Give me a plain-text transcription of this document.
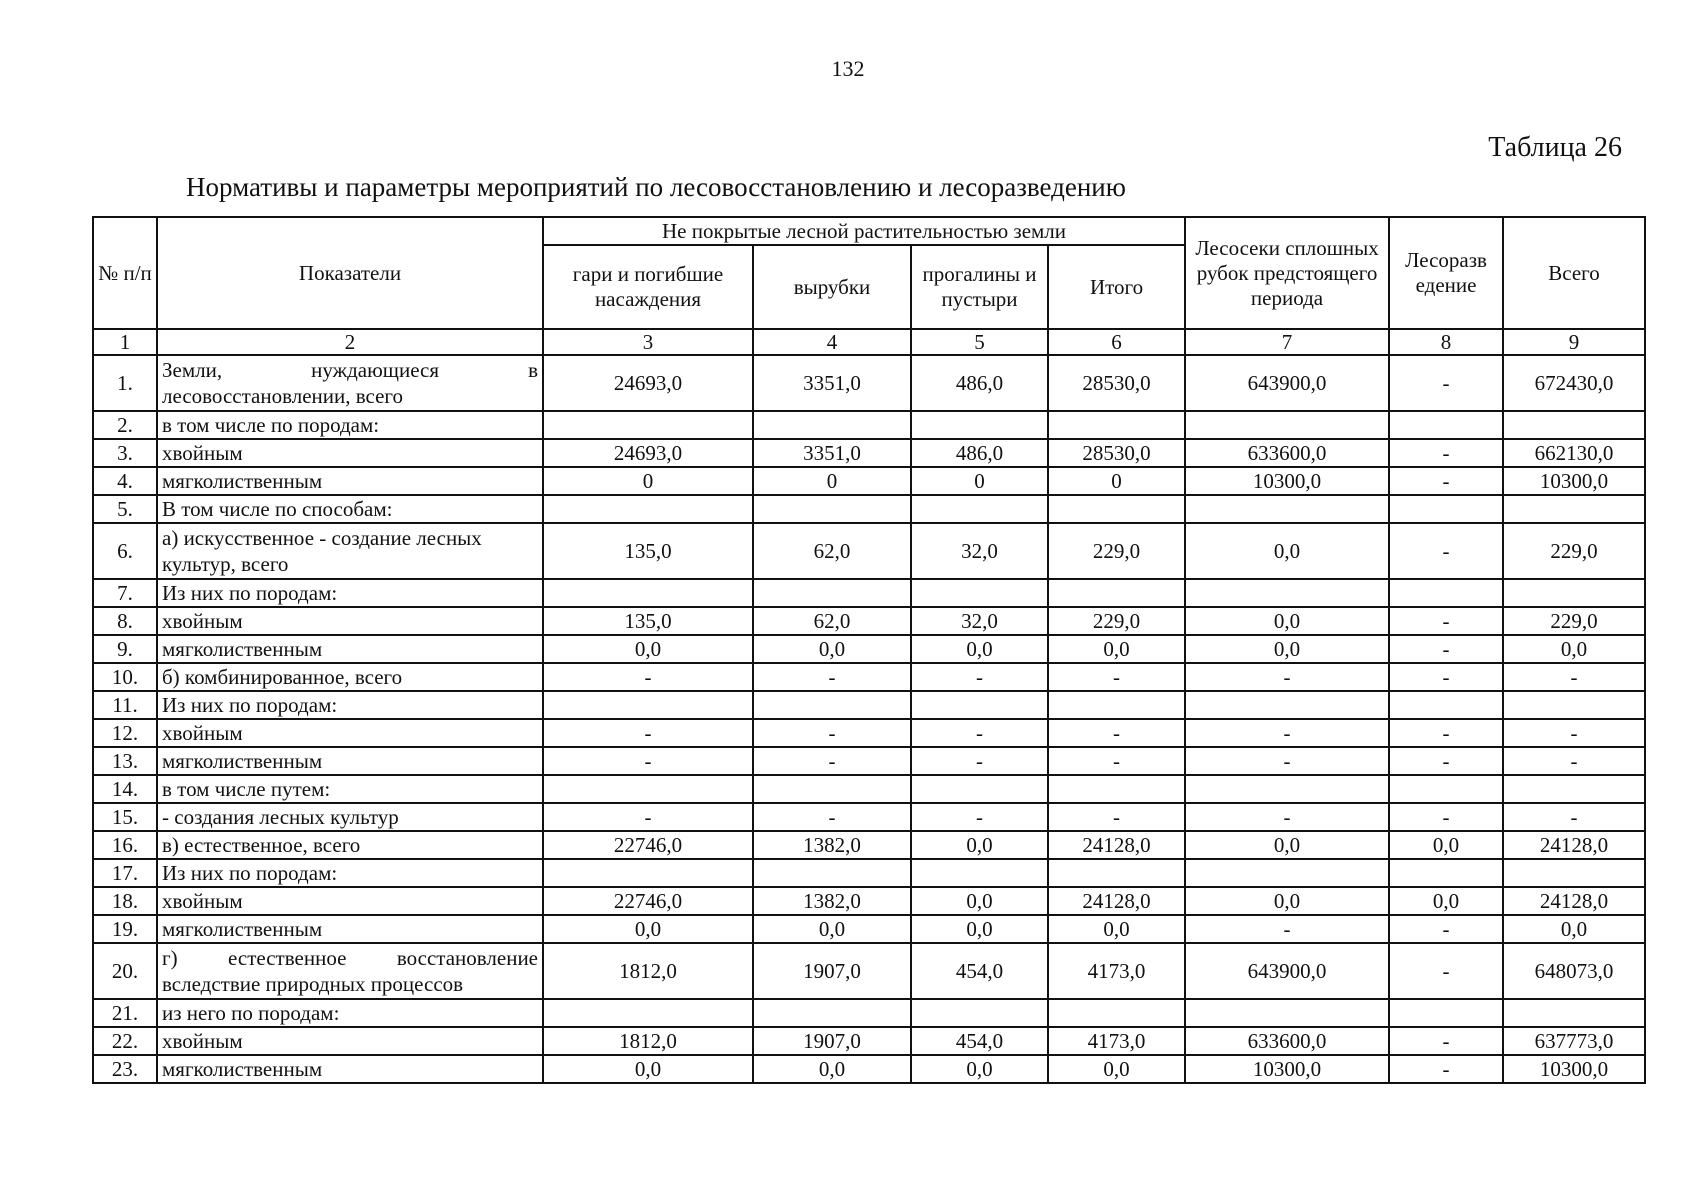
132
Таблица 26
Нормативы и параметры мероприятий по лесовосстановлению и лесоразведению
№ п/п	Показатели	Не покрытые лесной растительностью земли				Лесосеки сплошных рубок предстоящего периода	Лесоразв едение	Всего
		гари и погибшие насаждения	вырубки	прогалины и пустыри	Итого			
1	2	3	4	5	6	7	8	9
1.	Земли, нуждающиеся в лесовосстановлении, всего	24693,0	3351,0	486,0	28530,0	643900,0	-	672430,0
2.	в том числе по породам:							
3.	хвойным	24693,0	3351,0	486,0	28530,0	633600,0	-	662130,0
4.	мягколиственным	0	0	0	0	10300,0	-	10300,0
5.	В том числе по способам:							
6.	а) искусственное - создание лесных культур, всего	135,0	62,0	32,0	229,0	0,0	-	229,0
7.	Из них по породам:							
8.	хвойным	135,0	62,0	32,0	229,0	0,0	-	229,0
9.	мягколиственным	0,0	0,0	0,0	0,0	0,0	-	0,0
10.	б) комбинированное, всего	-	-	-	-	-	-	-
11.	Из них по породам:							
12.	хвойным	-	-	-	-	-	-	-
13.	мягколиственным	-	-	-	-	-	-	-
14.	в том числе путем:							
15.	- создания лесных культур	-	-	-	-	-	-	-
16.	в) естественное, всего	22746,0	1382,0	0,0	24128,0	0,0	0,0	24128,0
17.	Из них по породам:							
18.	хвойным	22746,0	1382,0	0,0	24128,0	0,0	0,0	24128,0
19.	мягколиственным	0,0	0,0	0,0	0,0	-	-	0,0
20.	г) естественное восстановление вследствие природных процессов	1812,0	1907,0	454,0	4173,0	643900,0	-	648073,0
21.	из него по породам:							
22.	хвойным	1812,0	1907,0	454,0	4173,0	633600,0	-	637773,0
23.	мягколиственным	0,0	0,0	0,0	0,0	10300,0	-	10300,0
